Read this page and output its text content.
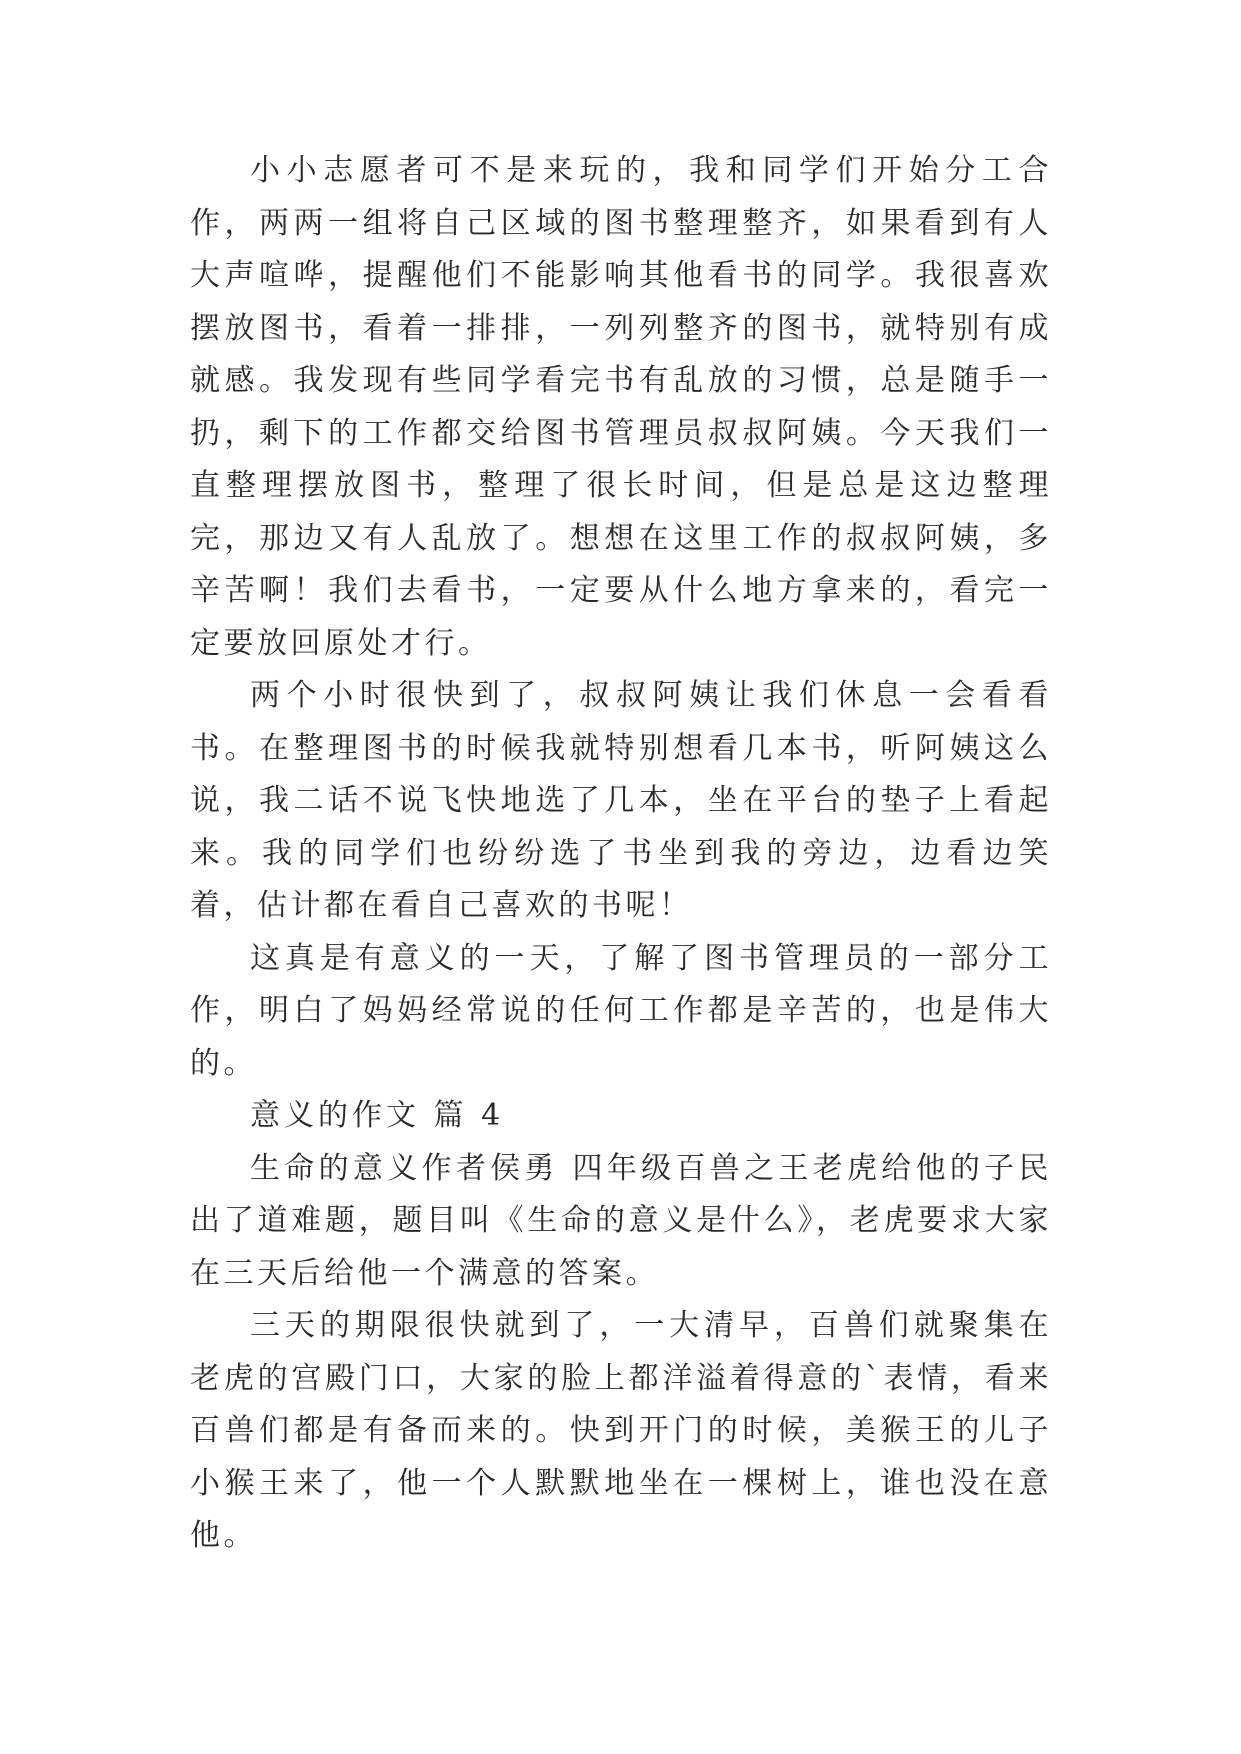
小小志愿者可不是来玩的，我和同学们开始分工合作，两两一组将自己区域的图书整理整齐，如果看到有人大声喧哗，提醒他们不能影响其他看书的同学。我很喜欢摆放图书，看着一排排，一列列整齐的图书，就特别有成就感。我发现有些同学看完书有乱放的习惯，总是随手一扔，剩下的工作都交给图书管理员叔叔阿姨。今天我们一直整理摆放图书，整理了很长时间，但是总是这边整理完，那边又有人乱放了。想想在这里工作的叔叔阿姨，多辛苦啊！我们去看书，一定要从什么地方拿来的，看完一定要放回原处才行。

两个小时很快到了，叔叔阿姨让我们休息一会看看书。在整理图书的时候我就特别想看几本书，听阿姨这么说，我二话不说飞快地选了几本，坐在平台的垫子上看起来。我的同学们也纷纷选了书坐到我的旁边，边看边笑着，估计都在看自己喜欢的书呢！

这真是有意义的一天，了解了图书管理员的一部分工作，明白了妈妈经常说的任何工作都是辛苦的，也是伟大的。

意义的作文 篇 4

生命的意义作者侯勇 四年级百兽之王老虎给他的子民出了道难题，题目叫《生命的意义是什么》，老虎要求大家在三天后给他一个满意的答案。

三天的期限很快就到了，一大清早，百兽们就聚集在老虎的宫殿门口，大家的脸上都洋溢着得意的`表情，看来百兽们都是有备而来的。快到开门的时候，美猴王的儿子小猴王来了，他一个人默默地坐在一棵树上，谁也没在意他。
